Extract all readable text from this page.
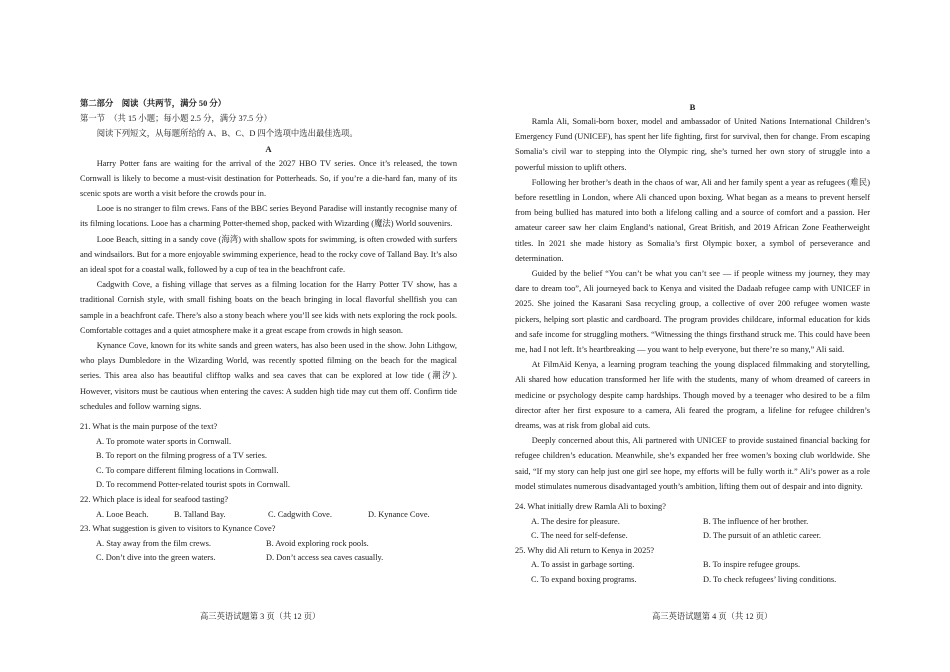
第二部分　阅读（共两节，满分 50 分）

第一节　（共 15 小题；每小题 2.5 分，满分 37.5 分）

阅读下列短文，从每题所给的 A、B、C、D 四个选项中选出最佳选项。

A

Harry Potter fans are waiting for the arrival of the 2027 HBO TV series. Once it’s released, the town Cornwall is likely to become a must-visit destination for Potterheads. So, if you’re a die-hard fan, many of its scenic spots are worth a visit before the crowds pour in.

Looe is no stranger to film crews. Fans of the BBC series Beyond Paradise will instantly recognise many of its filming locations. Looe has a charming Potter-themed shop, packed with Wizarding (魔法) World souvenirs.

Looe Beach, sitting in a sandy cove (海湾) with shallow spots for swimming, is often crowded with surfers and windsailors. But for a more enjoyable swimming experience, head to the rocky cove of Talland Bay. It’s also an ideal spot for a coastal walk, followed by a cup of tea in the beachfront cafe.

Cadgwith Cove, a fishing village that serves as a filming location for the Harry Potter TV show, has a traditional Cornish style, with small fishing boats on the beach bringing in local flavorful shellfish you can sample in a beachfront cafe. There’s also a stony beach where you’ll see kids with nets exploring the rock pools. Comfortable cottages and a quiet atmosphere make it a great escape from crowds in high season.

Kynance Cove, known for its white sands and green waters, has also been used in the show. John Lithgow, who plays Dumbledore in the Wizarding World, was recently spotted filming on the beach for the magical series. This area also has beautiful clifftop walks and sea caves that can be explored at low tide (潮汐). However, visitors must be cautious when entering the caves: A sudden high tide may cut them off. Confirm tide schedules and follow warning signs.

21. What is the main purpose of the text?

A. To promote water sports in Cornwall.

B. To report on the filming progress of a TV series.

C. To compare different filming locations in Cornwall.

D. To recommend Potter-related tourist spots in Cornwall.

22. Which place is ideal for seafood tasting?

A. Looe Beach.	B. Talland Bay.	C. Cadgwith Cove.	D. Kynance Cove.

23. What suggestion is given to visitors to Kynance Cove?

A. Stay away from the film crews.	B. Avoid exploring rock pools.
C. Don’t dive into the green waters.	D. Don’t access sea caves casually.
高三英语试题第 3 页（共 12 页）

B

Ramla Ali, Somali-born boxer, model and ambassador of United Nations International Children’s Emergency Fund (UNICEF), has spent her life fighting, first for survival, then for change. From escaping Somalia’s civil war to stepping into the Olympic ring, she’s turned her own story of struggle into a powerful mission to uplift others.

Following her brother’s death in the chaos of war, Ali and her family spent a year as refugees (难民) before resettling in London, where Ali chanced upon boxing. What began as a means to prevent herself from being bullied has matured into both a lifelong calling and a source of comfort and a passion. Her amateur career saw her claim England’s national, Great British, and 2019 African Zone Featherweight titles. In 2021 she made history as Somalia’s first Olympic boxer, a symbol of perseverance and determination.

Guided by the belief “You can’t be what you can’t see — if people witness my journey, they may dare to dream too”, Ali journeyed back to Kenya and visited the Dadaab refugee camp with UNICEF in 2025. She joined the Kasarani Sasa recycling group, a collective of over 200 refugee women waste pickers, helping sort plastic and cardboard. The program provides childcare, informal education for kids and safe income for struggling mothers. “Witnessing the things firsthand struck me. This could have been me, had I not left. It’s heartbreaking — you want to help everyone, but there’re so many,” Ali said.

At FilmAid Kenya, a learning program teaching the young displaced filmmaking and storytelling, Ali shared how education transformed her life with the students, many of whom dreamed of careers in medicine or psychology despite camp hardships. Though moved by a teenager who desired to be a film director after her first exposure to a camera, Ali feared the program, a lifeline for refugee children’s dreams, was at risk from global aid cuts.

Deeply concerned about this, Ali partnered with UNICEF to provide sustained financial backing for refugee children’s education. Meanwhile, she’s expanded her free women’s boxing club worldwide. She said, “If my story can help just one girl see hope, my efforts will be fully worth it.” Ali’s power as a role model stimulates numerous disadvantaged youth’s ambition, lifting them out of despair and into dignity.

24. What initially drew Ramla Ali to boxing?

A. The desire for pleasure.	B. The influence of her brother.
C. The need for self-defense.	D. The pursuit of an athletic career.

25. Why did Ali return to Kenya in 2025?

A. To assist in garbage sorting.	B. To inspire refugee groups.
C. To expand boxing programs.	D. To check refugees’ living conditions.
高三英语试题第 4 页（共 12 页）
